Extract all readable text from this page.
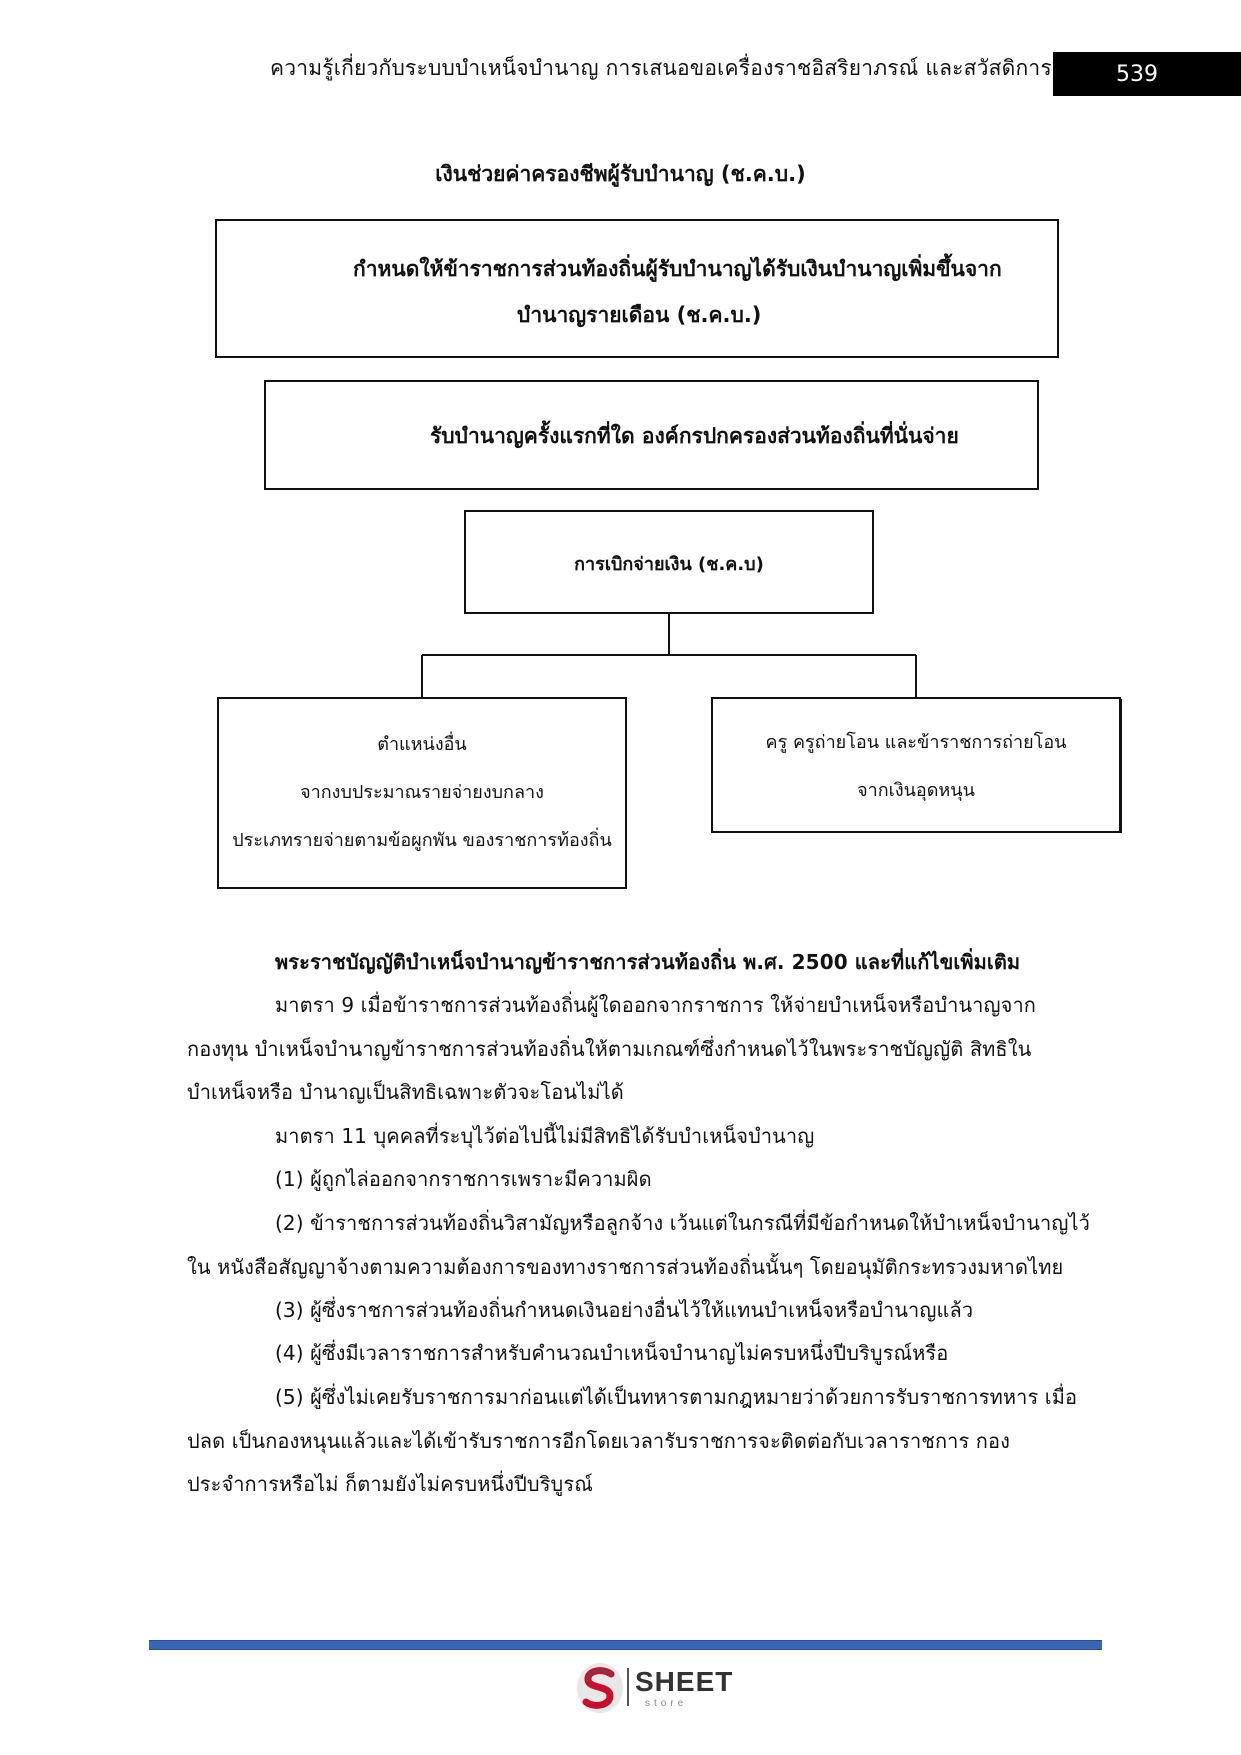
ความรู้เกี่ยวกับระบบบำเหน็จบำนาญ การเสนอขอเครื่องราชอิสริยาภรณ์ และสวัสดิการ	539
เงินช่วยค่าครองชีพผู้รับบำนาญ (ช.ค.บ.)
กำหนดให้ข้าราชการส่วนท้องถิ่นผู้รับบำนาญได้รับเงินบำนาญเพิ่มขึ้นจาก
บำนาญรายเดือน (ช.ค.บ.)
รับบำนาญครั้งแรกที่ใด องค์กรปกครองส่วนท้องถิ่นที่นั่นจ่าย
การเบิกจ่ายเงิน (ช.ค.บ)
ตำแหน่งอื่น
จากงบประมาณรายจ่ายงบกลาง
ประเภทรายจ่ายตามข้อผูกพัน ของราชการท้องถิ่น
ครู ครูถ่ายโอน และข้าราชการถ่ายโอน
จากเงินอุดหนุน
พระราชบัญญัติบำเหน็จบำนาญข้าราชการส่วนท้องถิ่น พ.ศ. 2500 และที่แก้ไขเพิ่มเติม
มาตรา 9 เมื่อข้าราชการส่วนท้องถิ่นผู้ใดออกจากราชการ ให้จ่ายบำเหน็จหรือบำนาญจาก
กองทุน บำเหน็จบำนาญข้าราชการส่วนท้องถิ่นให้ตามเกณฑ์ซึ่งกำหนดไว้ในพระราชบัญญัติ สิทธิใน
บำเหน็จหรือ บำนาญเป็นสิทธิเฉพาะตัวจะโอนไม่ได้
มาตรา 11 บุคคลที่ระบุไว้ต่อไปนี้ไม่มีสิทธิได้รับบำเหน็จบำนาญ
(1) ผู้ถูกไล่ออกจากราชการเพราะมีความผิด
(2) ข้าราชการส่วนท้องถิ่นวิสามัญหรือลูกจ้าง เว้นแต่ในกรณีที่มีข้อกำหนดให้บำเหน็จบำนาญไว้
ใน หนังสือสัญญาจ้างตามความต้องการของทางราชการส่วนท้องถิ่นนั้นๆ โดยอนุมัติกระทรวงมหาดไทย
(3) ผู้ซึ่งราชการส่วนท้องถิ่นกำหนดเงินอย่างอื่นไว้ให้แทนบำเหน็จหรือบำนาญแล้ว
(4) ผู้ซึ่งมีเวลาราชการสำหรับคำนวณบำเหน็จบำนาญไม่ครบหนึ่งปีบริบูรณ์หรือ
(5) ผู้ซึ่งไม่เคยรับราชการมาก่อนแต่ได้เป็นทหารตามกฎหมายว่าด้วยการรับราชการทหาร เมื่อ
ปลด เป็นกองหนุนแล้วและได้เข้ารับราชการอีกโดยเวลารับราชการจะติดต่อกับเวลาราชการ กอง
ประจำการหรือไม่ ก็ตามยังไม่ครบหนึ่งปีบริบูรณ์
SHEET
store
